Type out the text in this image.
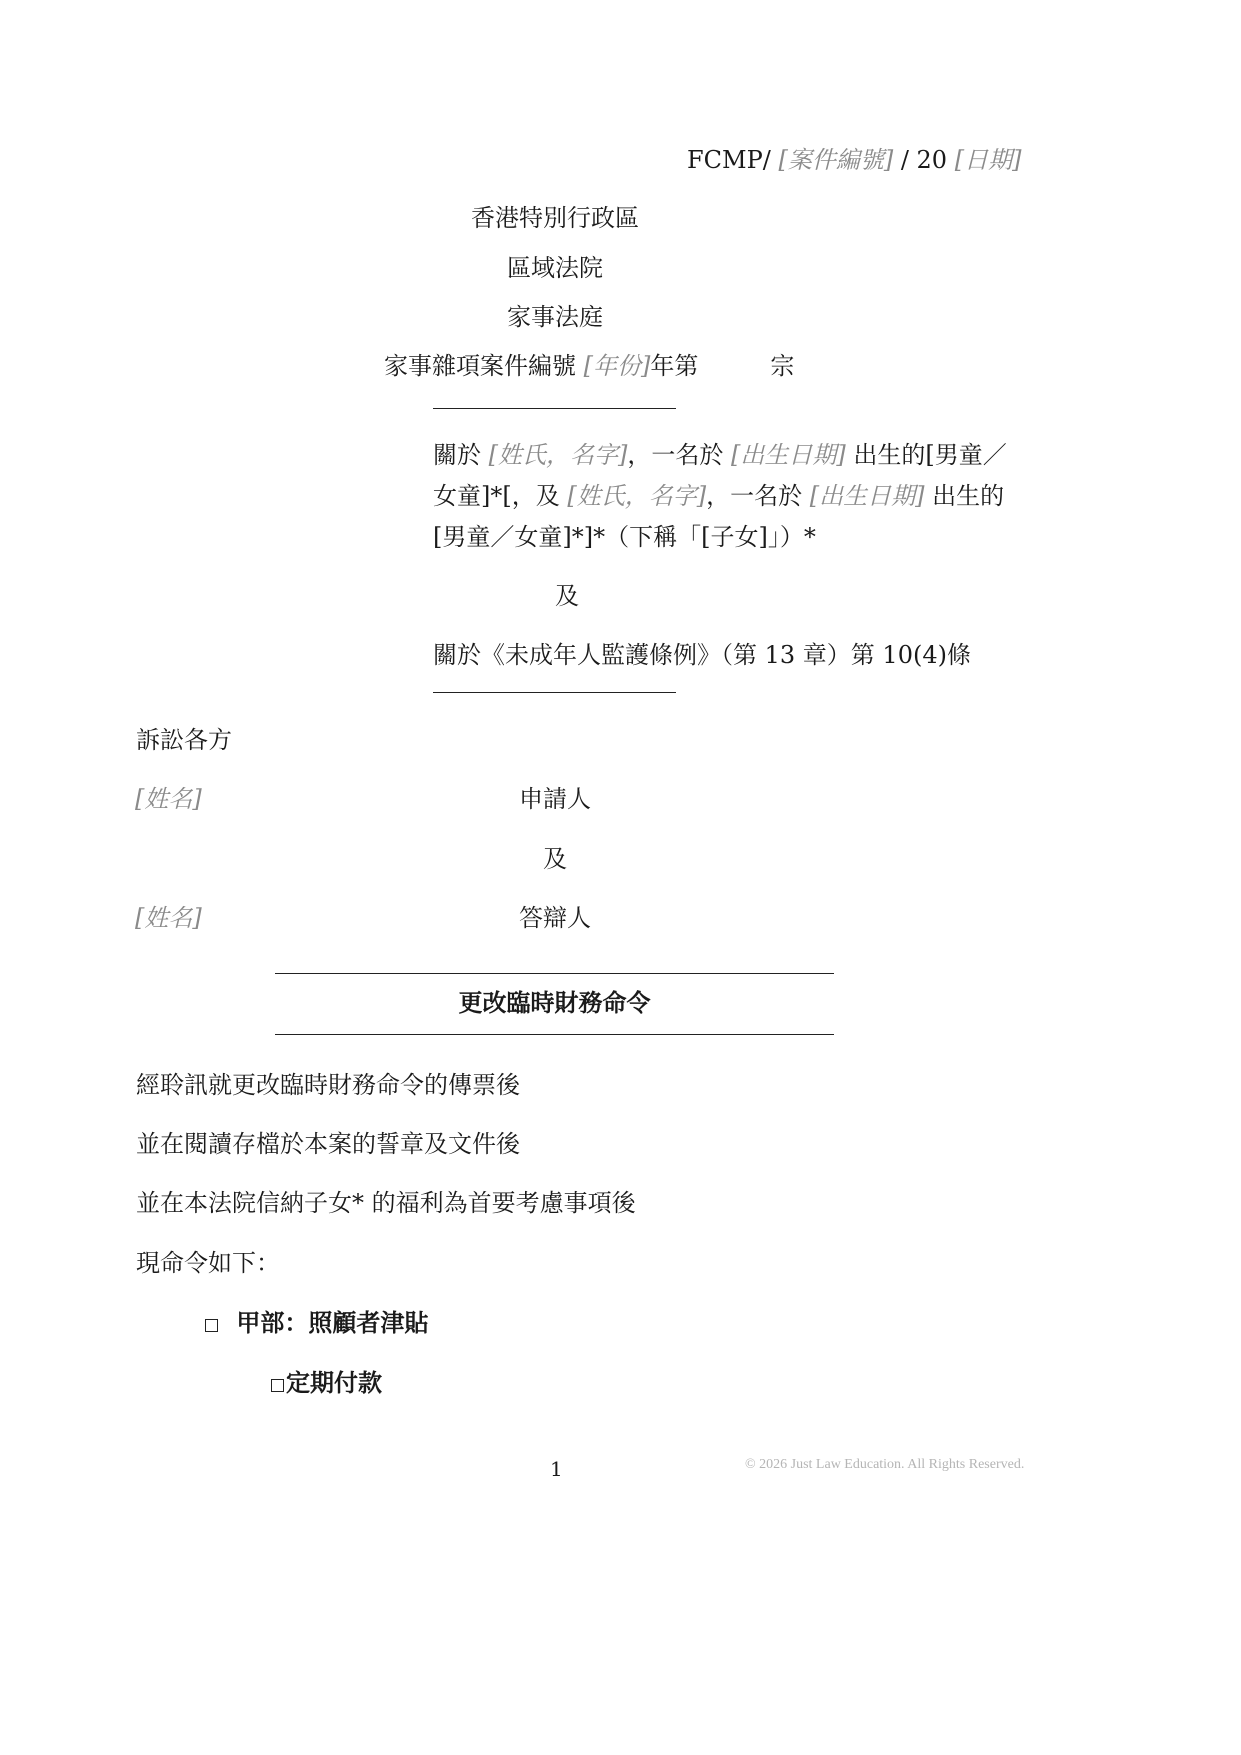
FCMP/ [案件編號] / 20 [日期]
香港特別行政區
區域法院
家事法庭
家事雜項案件編號 [年份]年第　　　宗
關於 [姓氏，名字]，一名於 [出生日期] 出生的[男童／
女童]*[，及 [姓氏，名字]，一名於 [出生日期] 出生的
[男童／女童]*]*（下稱「[子女]」）*
及
關於《未成年人監護條例》（第 13 章）第 10(4)條
訴訟各方
[姓名]	申請人
及
[姓名]	答辯人
更改臨時財務命令
經聆訊就更改臨時財務命令的傳票後
並在閱讀存檔於本案的誓章及文件後
並在本法院信納子女* 的福利為首要考慮事項後
現命令如下：
甲部：照顧者津貼
定期付款
1	© 2026 Just Law Education. All Rights Reserved.
